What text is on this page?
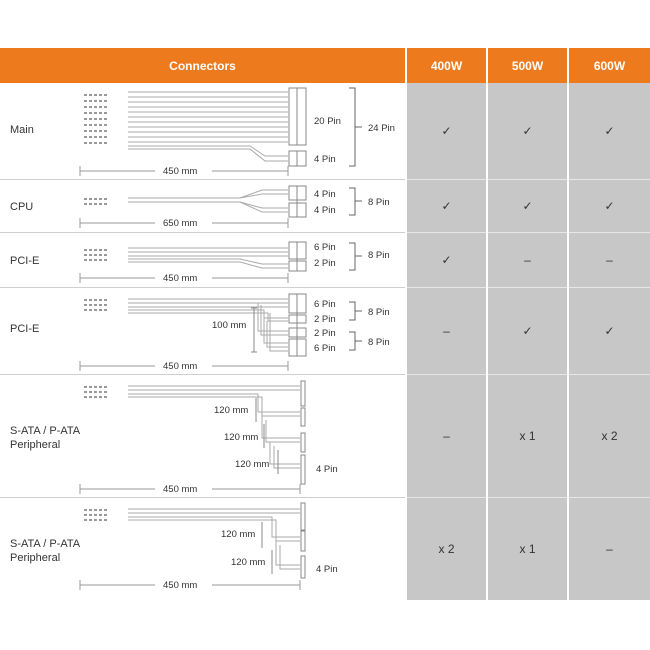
Connectors	400W	500W	600W
Main	✓	✓	✓
CPU	✓	✓	✓
PCI-E	✓	–	–
PCI-E	–	✓	✓
S-ATA / P-ATA
Peripheral
–	x 1	x 2
S-ATA / P-ATA
Peripheral
x 2	x 1	–
20 Pin
4 Pin
24 Pin
450 mm
4 Pin
4 Pin
8 Pin
650 mm
6 Pin
2 Pin
8 Pin
450 mm
100 mm
6 Pin
2 Pin
2 Pin
6 Pin
8 Pin
8 Pin
450 mm
120 mm
120 mm
120 mm	4 Pin
450 mm
120 mm
120 mm
4 Pin
450 mm
